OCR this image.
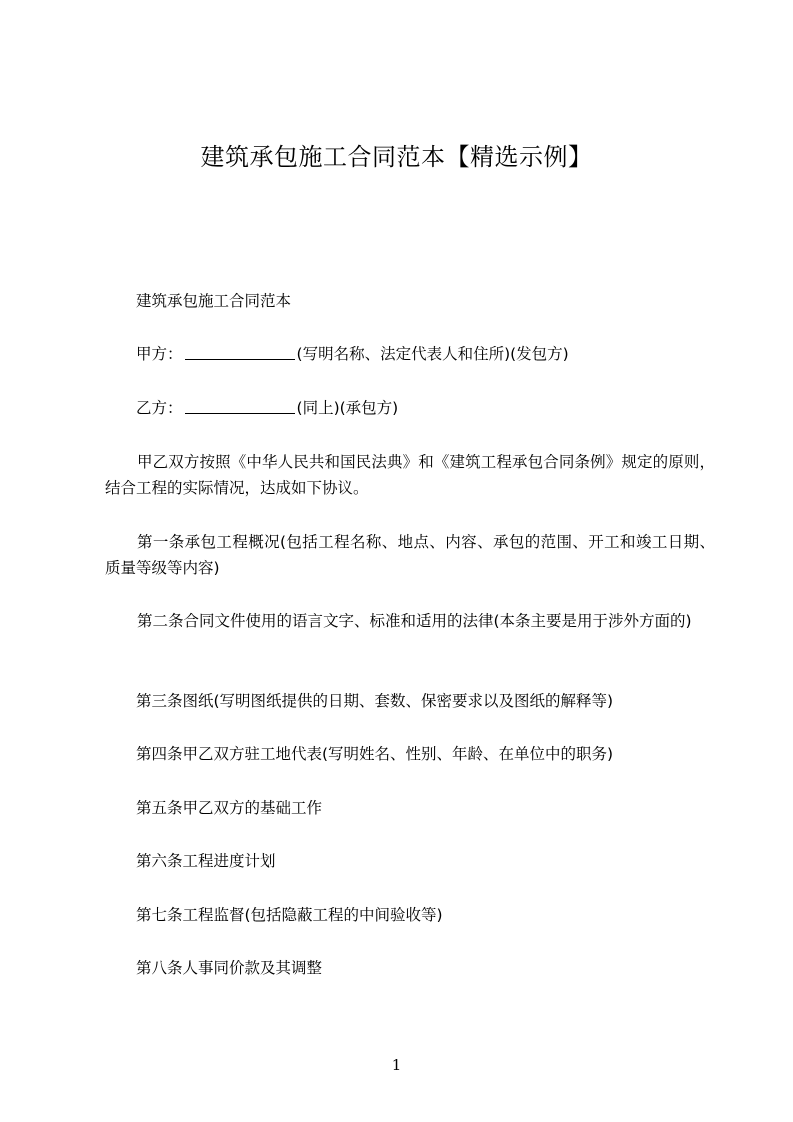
建筑承包施工合同范本【精选示例】

建筑承包施工合同范本

甲方：	(写明名称、法定代表人和住所)(发包方)

乙方：	(同上)(承包方)

甲乙双方按照《中华人民共和国民法典》和《建筑工程承包合同条例》规定的原则，结合工程的实际情况，达成如下协议。

第一条承包工程概况(包括工程名称、地点、内容、承包的范围、开工和竣工日期、质量等级等内容)

第二条合同文件使用的语言文字、标准和适用的法律(本条主要是用于涉外方面的)

第三条图纸(写明图纸提供的日期、套数、保密要求以及图纸的解释等)

第四条甲乙双方驻工地代表(写明姓名、性别、年龄、在单位中的职务)

第五条甲乙双方的基础工作

第六条工程进度计划

第七条工程监督(包括隐蔽工程的中间验收等)

第八条人事同价款及其调整

1
